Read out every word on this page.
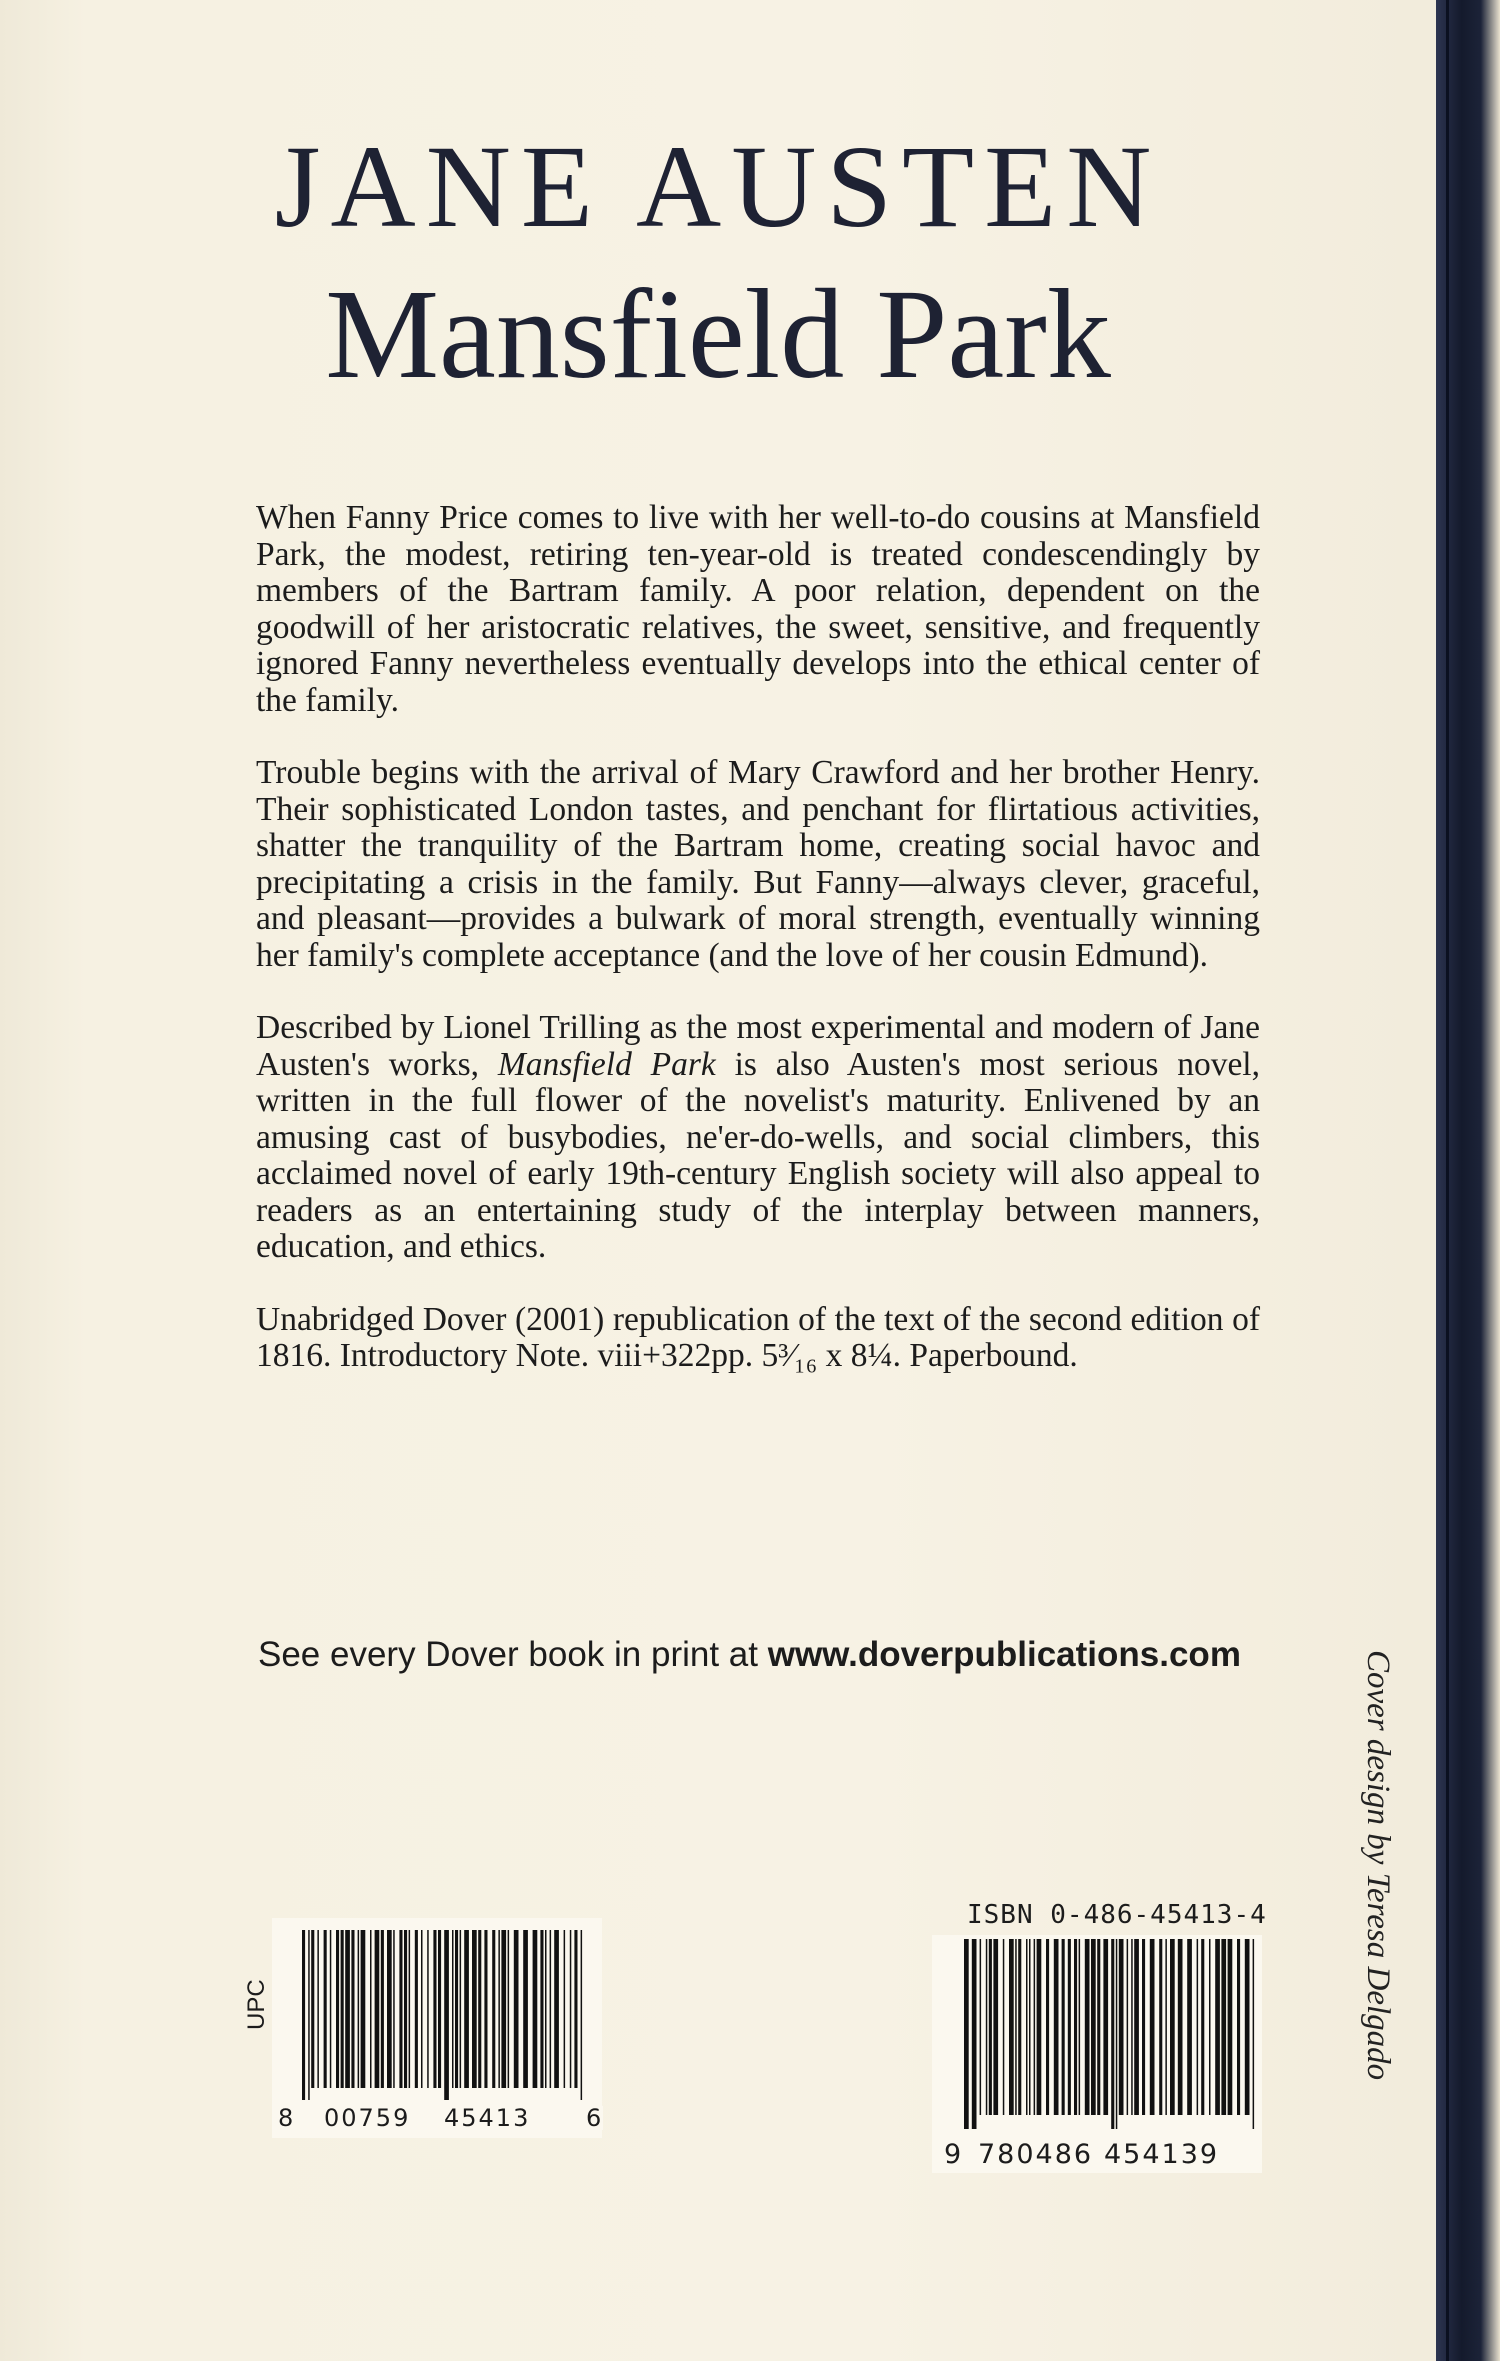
JANE AUSTEN
Mansfield Park

When Fanny Price comes to live with her well-to-do cousins at Mansfield Park, the modest, retiring ten-year-old is treated condescendingly by members of the Bartram family. A poor relation, dependent on the goodwill of her aristocratic relatives, the sweet, sensitive, and frequently ignored Fanny nevertheless eventually develops into the ethical center of the family.

Trouble begins with the arrival of Mary Crawford and her brother Henry. Their sophisticated London tastes, and penchant for flirtatious activities, shatter the tranquility of the Bartram home, creating social havoc and precipitating a crisis in the family. But Fanny—always clever, graceful, and pleasant—provides a bulwark of moral strength, eventually winning her family's complete acceptance (and the love of her cousin Edmund).

Described by Lionel Trilling as the most experimental and modern of Jane Austen's works, Mansfield Park is also Austen's most serious novel, written in the full flower of the novelist's maturity. Enlivened by an amusing cast of busybodies, ne'er-do-wells, and social climbers, this acclaimed novel of early 19th-century English society will also appeal to readers as an entertaining study of the interplay between manners, education, and ethics.

Unabridged Dover (2001) republication of the text of the second edition of 1816. Introductory Note. viii+322pp. 5³⁄₁₆ x 8¼. Paperbound.

See every Dover book in print at www.doverpublications.com	Cover design by Teresa Delgado
UPC
8 00759 45413 6
ISBN 0-486-45413-4
9 780486 454139
